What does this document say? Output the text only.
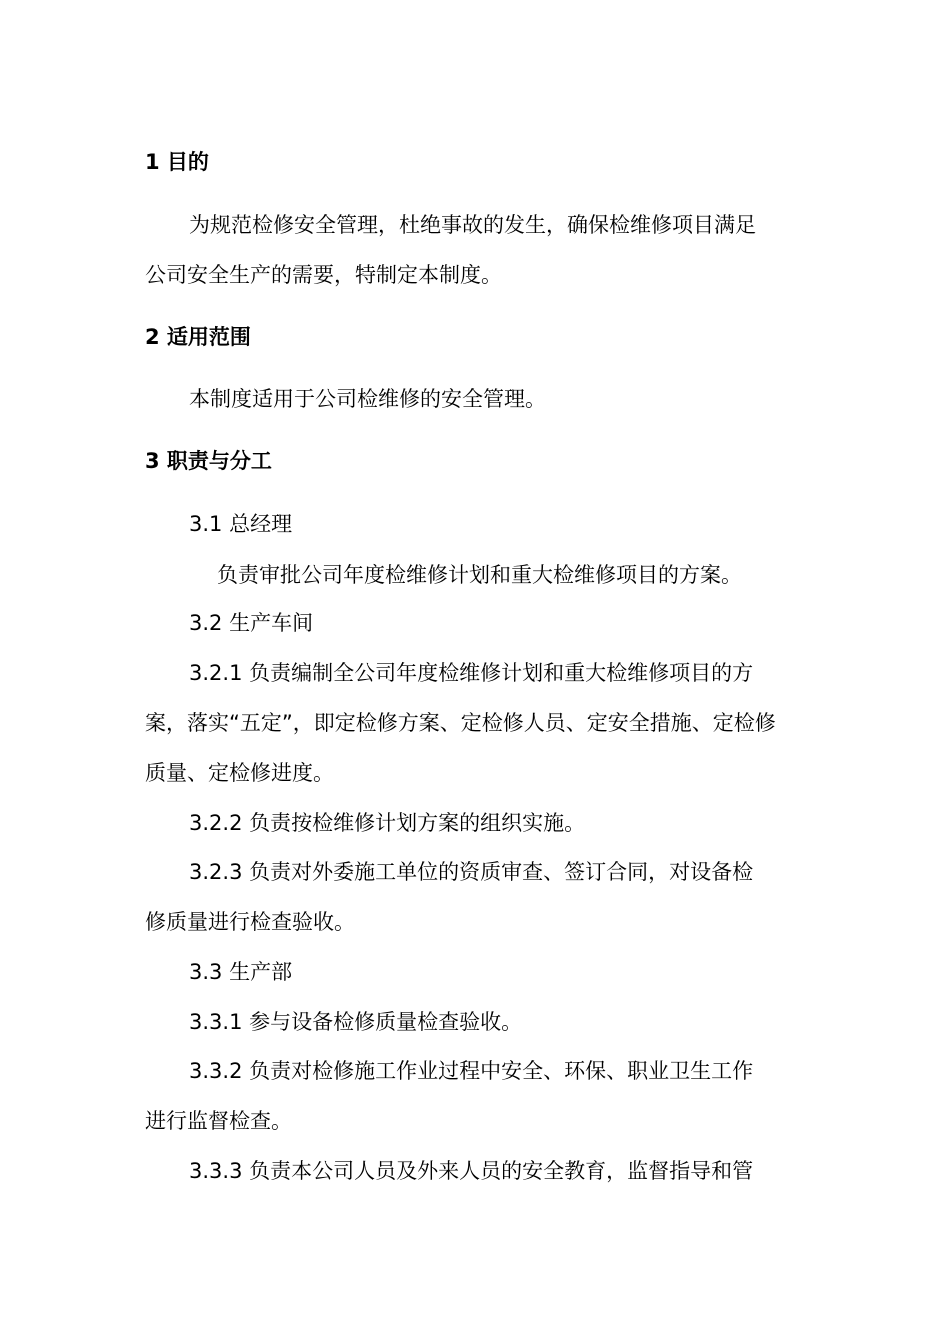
1 目的
为规范检修安全管理，杜绝事故的发生，确保检维修项目满足
公司安全生产的需要，特制定本制度。
2 适用范围
本制度适用于公司检维修的安全管理。
3 职责与分工
3.1 总经理
负责审批公司年度检维修计划和重大检维修项目的方案。
3.2 生产车间
3.2.1 负责编制全公司年度检维修计划和重大检维修项目的方
案，落实“五定”，即定检修方案、定检修人员、定安全措施、定检修
质量、定检修进度。
3.2.2 负责按检维修计划方案的组织实施。
3.2.3 负责对外委施工单位的资质审查、签订合同，对设备检
修质量进行检查验收。
3.3 生产部
3.3.1 参与设备检修质量检查验收。
3.3.2 负责对检修施工作业过程中安全、环保、职业卫生工作
进行监督检查。
3.3.3 负责本公司人员及外来人员的安全教育，监督指导和管
